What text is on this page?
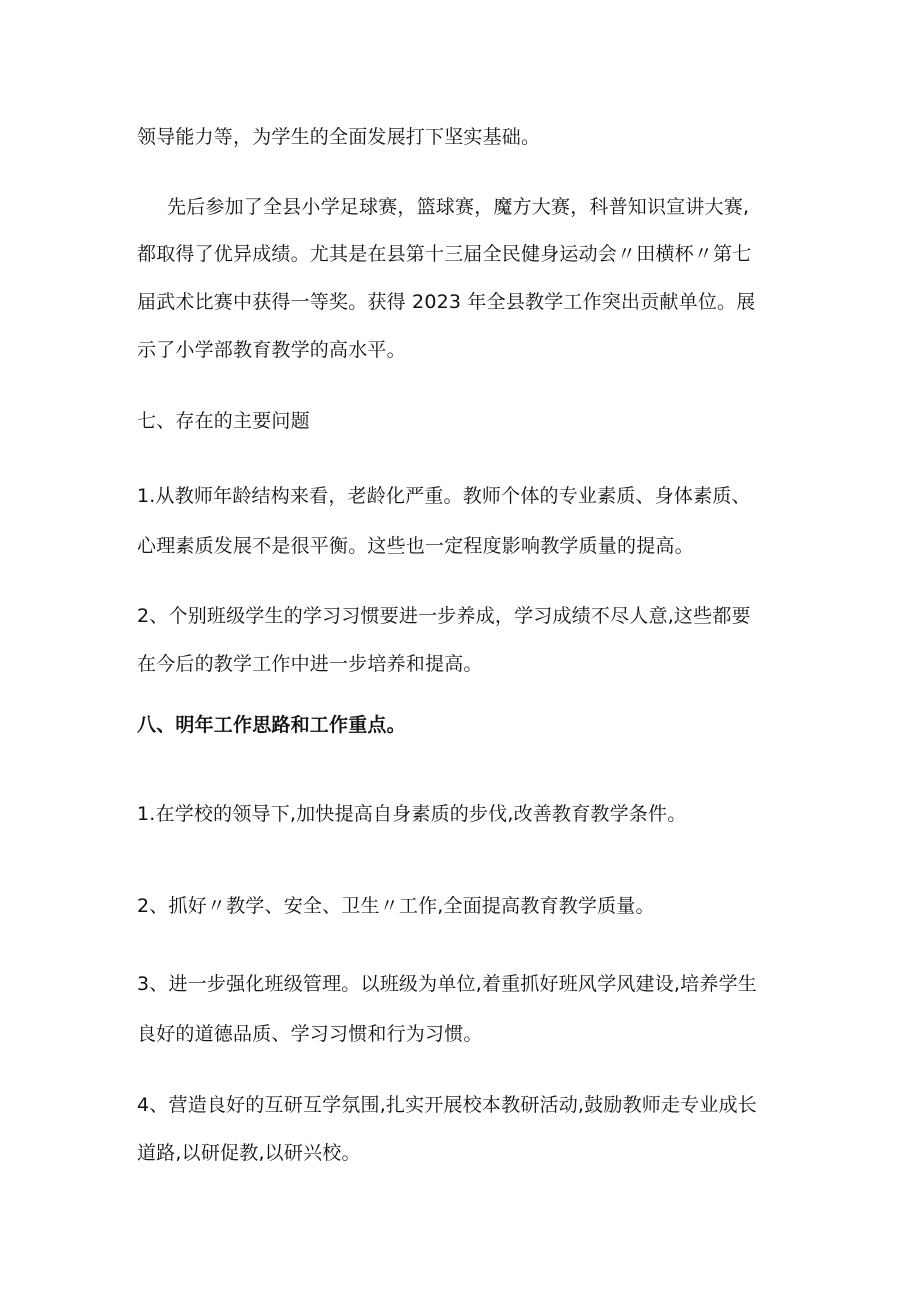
领导能力等，为学生的全面发展打下坚实基础。
先后参加了全县小学足球赛，篮球赛，魔方大赛，科普知识宣讲大赛,
都取得了优异成绩。尤其是在县第十三届全民健身运动会〃田横杯〃第七
届武术比赛中获得一等奖。获得 2023 年全县教学工作突出贡献单位。展
示了小学部教育教学的高水平。
七、存在的主要问题
1.从教师年龄结构来看，老龄化严重。教师个体的专业素质、身体素质、
心理素质发展不是很平衡。这些也一定程度影响教学质量的提高。
2、个别班级学生的学习习惯要进一步养成，学习成绩不尽人意,这些都要
在今后的教学工作中进一步培养和提高。
八、明年工作思路和工作重点。
1.在学校的领导下,加快提高自身素质的步伐,改善教育教学条件。
2、抓好〃教学、安全、卫生〃工作,全面提高教育教学质量。
3、进一步强化班级管理。以班级为单位,着重抓好班风学风建设,培养学生
良好的道德品质、学习习惯和行为习惯。
4、营造良好的互研互学氛围,扎实开展校本教研活动,鼓励教师走专业成长
道路,以研促教,以研兴校。
